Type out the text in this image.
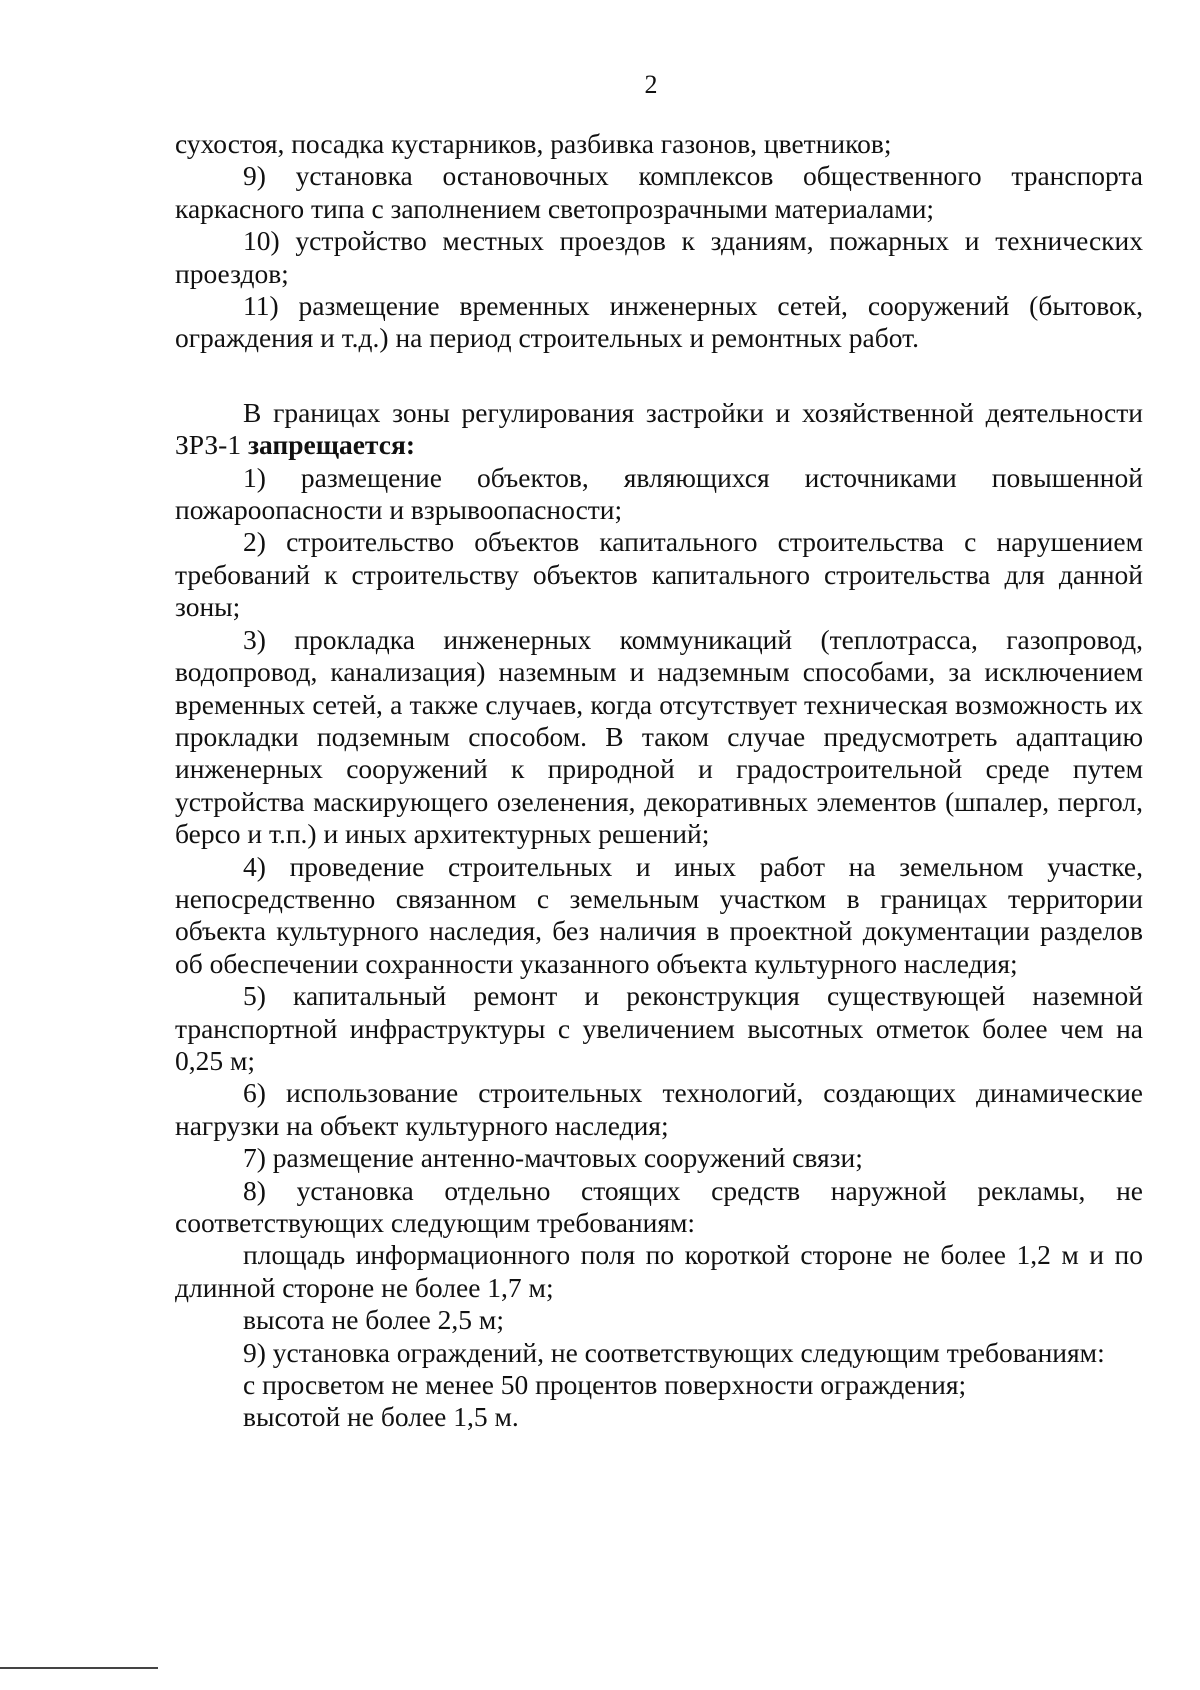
2

сухостоя, посадка кустарников, разбивка газонов, цветников;

9) установка остановочных комплексов общественного транспорта каркасного типа с заполнением светопрозрачными материалами;

10) устройство местных проездов к зданиям, пожарных и технических проездов;

11) размещение временных инженерных сетей, сооружений (бытовок, ограждения и т.д.) на период строительных и ремонтных работ.

В границах зоны регулирования застройки и хозяйственной деятельности ЗРЗ-1 запрещается:

1) размещение объектов, являющихся источниками повышенной пожароопасности и взрывоопасности;

2) строительство объектов капитального строительства с нарушением требований к строительству объектов капитального строительства для данной зоны;

3) прокладка инженерных коммуникаций (теплотрасса, газопровод, водопровод, канализация) наземным и надземным способами, за исключением временных сетей, а также случаев, когда отсутствует техническая возможность их прокладки подземным способом. В таком случае предусмотреть адаптацию инженерных сооружений к природной и градостроительной среде путем устройства маскирующего озеленения, декоративных элементов (шпалер, пергол, берсо и т.п.) и иных архитектурных решений;

4) проведение строительных и иных работ на земельном участке, непосредственно связанном с земельным участком в границах территории объекта культурного наследия, без наличия в проектной документации разделов об обеспечении сохранности указанного объекта культурного наследия;

5) капитальный ремонт и реконструкция существующей наземной транспортной инфраструктуры с увеличением высотных отметок более чем на 0,25 м;

6) использование строительных технологий, создающих динамические нагрузки на объект культурного наследия;

7) размещение антенно-мачтовых сооружений связи;

8) установка отдельно стоящих средств наружной рекламы, не соответствующих следующим требованиям:

площадь информационного поля по короткой стороне не более 1,2 м и по длинной стороне не более 1,7 м;

высота не более 2,5 м;

9) установка ограждений, не соответствующих следующим требованиям:

с просветом не менее 50 процентов поверхности ограждения;

высотой не более 1,5 м.
